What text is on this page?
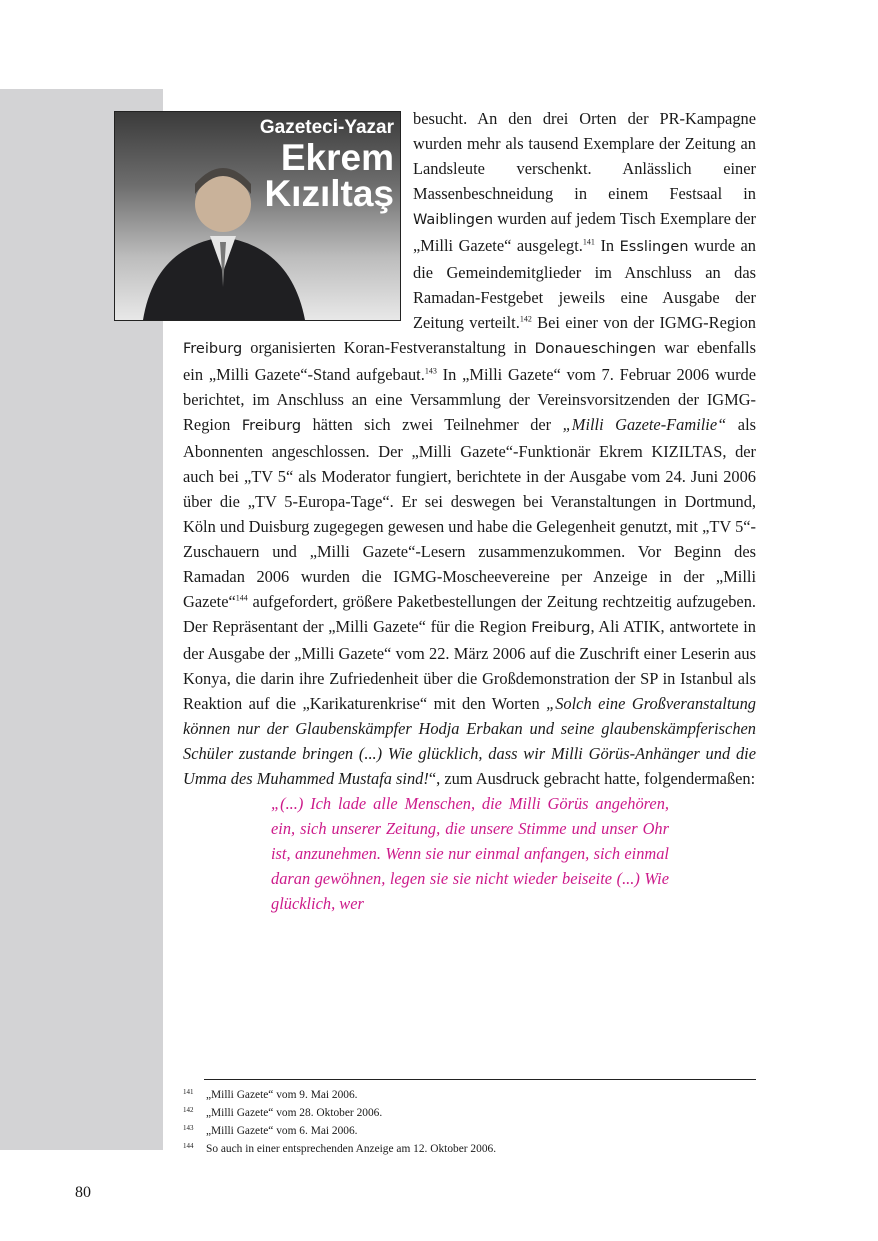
Gazeteci-Yazar
Ekrem
Kızıltaş

besucht. An den drei Orten der PR-Kampagne wurden mehr als tausend Exemplare der Zeitung an Landsleute verschenkt. Anlässlich einer Massenbeschneidung in einem Festsaal in Waiblingen wurden auf jedem Tisch Exemplare der „Milli Gazete“ ausgelegt.$^{141}$ In Esslingen wurde an die Gemeindemitglieder im Anschluss an das Ramadan-Festgebet jeweils eine Ausgabe der Zeitung verteilt.$^{142}$ Bei einer von der IGMG-Region Freiburg organisierten Koran-Festveranstaltung in Donaueschingen war ebenfalls ein „Milli Gazete“-Stand aufgebaut.$^{143}$ In „Milli Gazete“ vom 7. Februar 2006 wurde berichtet, im Anschluss an eine Versammlung der Vereinsvorsitzenden der IGMG-Region Freiburg hätten sich zwei Teilnehmer der „Milli Gazete-Familie“ als Abonnenten angeschlossen. Der „Milli Gazete“-Funktionär Ekrem KIZILTAS, der auch bei „TV 5“ als Moderator fungiert, berichtete in der Ausgabe vom 24. Juni 2006 über die „TV 5-Europa-Tage“. Er sei deswegen bei Veranstaltungen in Dortmund, Köln und Duisburg zugegegen gewesen und habe die Gelegenheit genutzt, mit „TV 5“-Zuschauern und „Milli Gazete“-Lesern zusammenzukommen. Vor Beginn des Ramadan 2006 wurden die IGMG-Moscheevereine per Anzeige in der „Milli Gazete“$^{144}$ aufgefordert, größere Paketbestellungen der Zeitung rechtzeitig aufzugeben. Der Repräsentant der „Milli Gazete“ für die Region Freiburg, Ali ATIK, antwortete in der Ausgabe der „Milli Gazete“ vom 22. März 2006 auf die Zuschrift einer Leserin aus Konya, die darin ihre Zufriedenheit über die Großdemonstration der SP in Istanbul als Reaktion auf die „Karikaturenkrise“ mit den Worten „Solch eine Großveranstaltung können nur der Glaubenskämpfer Hodja Erbakan und seine glaubenskämpferischen Schüler zustande bringen (...) Wie glücklich, dass wir Milli Görüs-Anhänger und die Umma des Muhammed Mustafa sind!“, zum Ausdruck gebracht hatte, folgendermaßen:

„(...) Ich lade alle Menschen, die Milli Görüs angehören, ein, sich unserer Zeitung, die unsere Stimme und unser Ohr ist, anzunehmen. Wenn sie nur einmal anfangen, sich einmal daran gewöhnen, legen sie sie nicht wieder beiseite (...) Wie glücklich, wer

141	„Milli Gazete“ vom 9. Mai 2006.
142	„Milli Gazete“ vom 28. Oktober 2006.
143	„Milli Gazete“ vom 6. Mai 2006.
144	So auch in einer entsprechenden Anzeige am 12. Oktober 2006.
80
